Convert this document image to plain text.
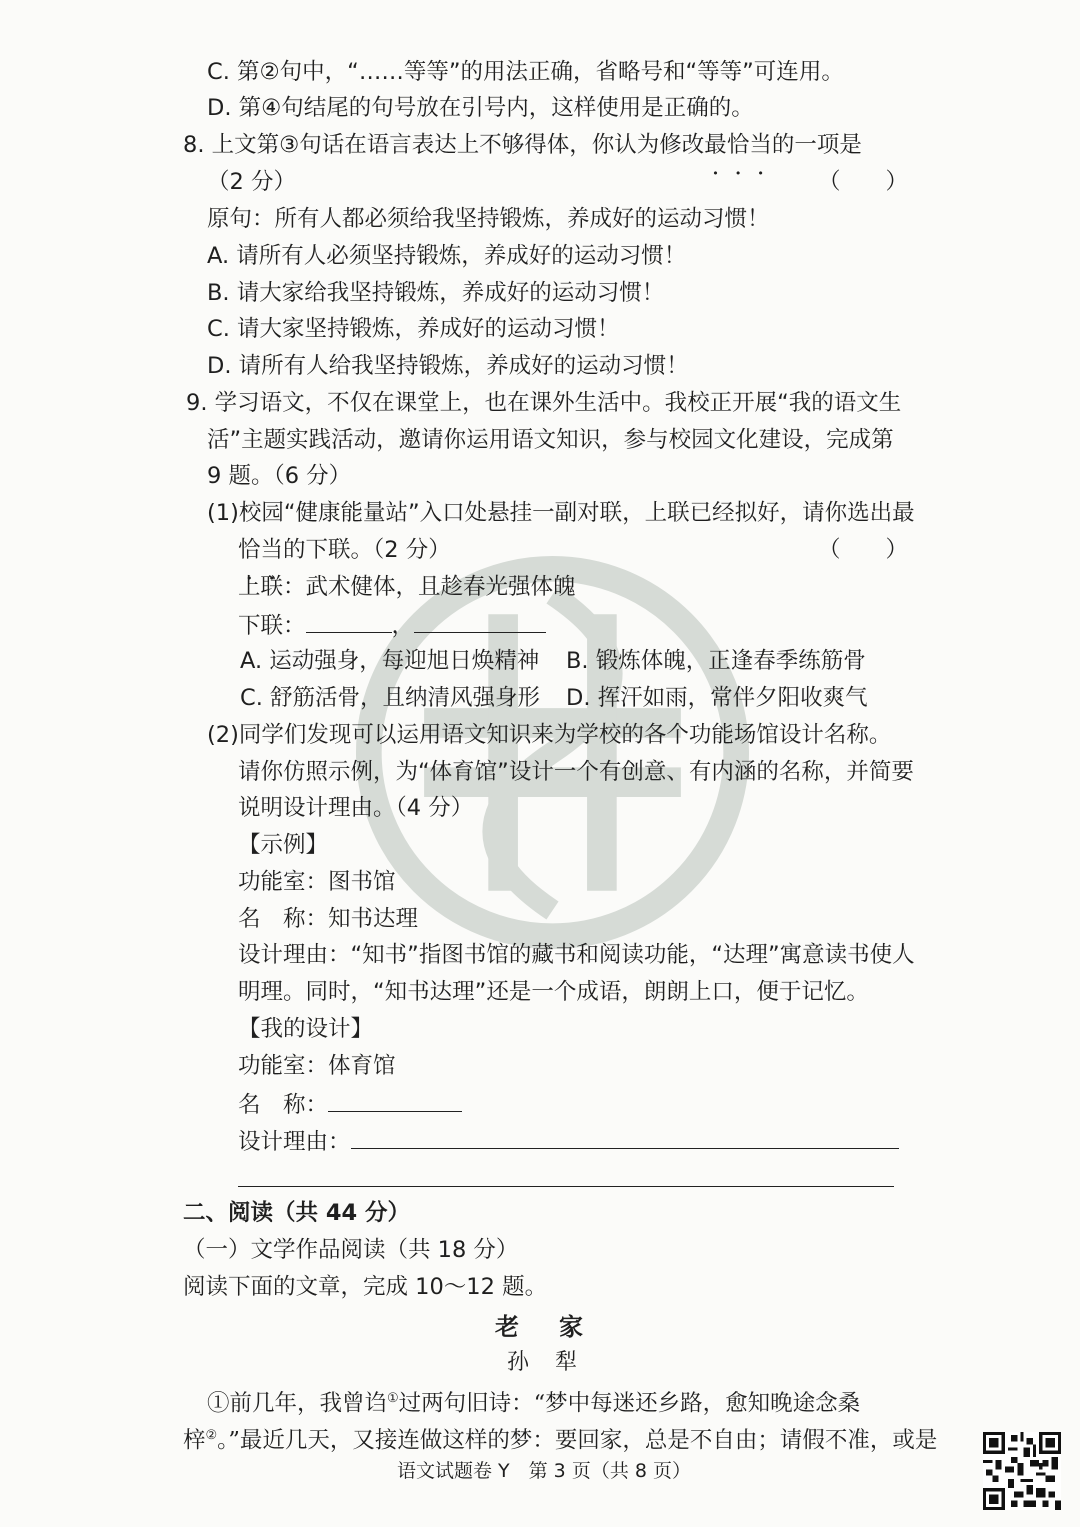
C. 第②句中，“……等等”的用法正确，省略号和“等等”可连用。
D. 第④句结尾的句号放在引号内，这样使用是正确的。
8. 上文第③句话在语言表达上不够得体，你认为修改最恰当的一项是
（2 分）	（　　）
原句：所有人都必须给我坚持锻炼，养成好的运动习惯！
A. 请所有人必须坚持锻炼，养成好的运动习惯！
B. 请大家给我坚持锻炼，养成好的运动习惯！
C. 请大家坚持锻炼，养成好的运动习惯！
D. 请所有人给我坚持锻炼，养成好的运动习惯！
9. 学习语文，不仅在课堂上，也在课外生活中。我校正开展“我的语文生
活”主题实践活动，邀请你运用语文知识，参与校园文化建设，完成第
9 题。（6 分）
(1)校园“健康能量站”入口处悬挂一副对联，上联已经拟好，请你选出最
恰当的下联。（2 分）	（　　）
上联：武术健体，且趁春光强体魄
下联：	，
A. 运动强身，每迎旭日焕精神 B. 锻炼体魄，正逢春季练筋骨
C. 舒筋活骨，且纳清风强身形 D. 挥汗如雨，常伴夕阳收爽气
(2)同学们发现可以运用语文知识来为学校的各个功能场馆设计名称。
请你仿照示例，为“体育馆”设计一个有创意、有内涵的名称，并简要
说明设计理由。（4 分）
【示例】
功能室：图书馆
名　称：知书达理
设计理由：“知书”指图书馆的藏书和阅读功能，“达理”寓意读书使人
明理。同时，“知书达理”还是一个成语，朗朗上口，便于记忆。
【我的设计】
功能室：体育馆
名　称：
设计理由：
二、阅读（共 44 分）
（一）文学作品阅读（共 18 分）
阅读下面的文章，完成 10～12 题。
老家
孙犁
①前几年，我曾诌①过两句旧诗：“梦中每迷还乡路，愈知晚途念桑
梓②。”最近几天，又接连做这样的梦：要回家，总是不自由；请假不准，或是
语文试题卷 Y　第 3 页（共 8 页）
